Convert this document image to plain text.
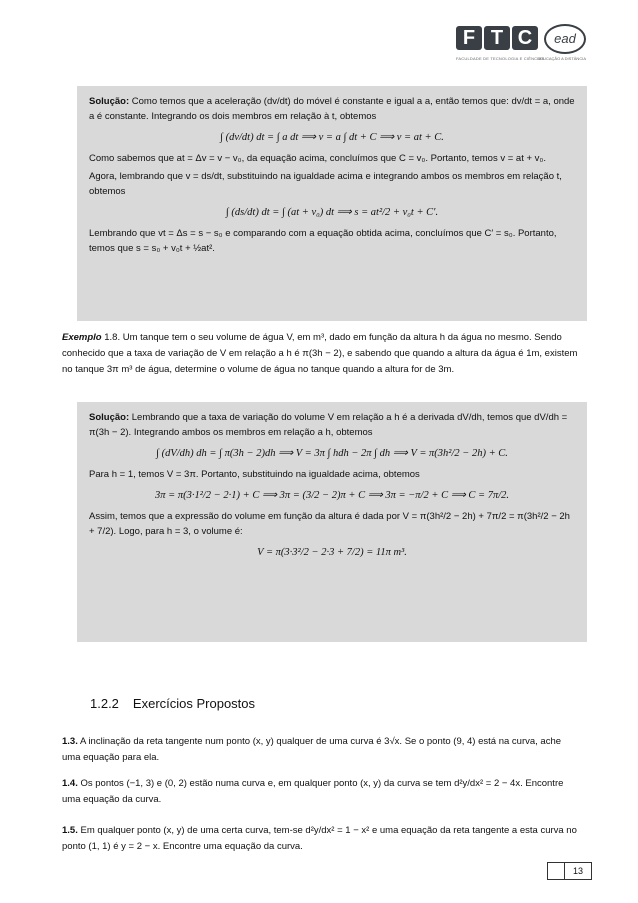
F T C	ead
FACULDADE DE TECNOLOGIA E CIÊNCIAS
EDUCAÇÃO A DISTÂNCIA

Solução: Como temos que a aceleração (dv/dt) do móvel é constante e igual a a, então temos que: dv/dt = a, onde a é constante. Integrando os dois membros em relação à t, obtemos

∫ (dv/dt) dt = ∫ a dt ⟹ v = a ∫ dt + C ⟹ v = at + C.

Como sabemos que at = Δv = v − v₀, da equação acima, concluímos que C = v₀. Portanto, temos v = at + v₀.

Agora, lembrando que v = ds/dt, substituindo na igualdade acima e integrando ambos os membros em relação t, obtemos

∫ (ds/dt) dt = ∫ (at + v₀) dt ⟹ s = at²/2 + v₀t + C′.

Lembrando que vt = Δs = s − s₀ e comparando com a equação obtida acima, concluímos que C′ = s₀. Portanto, temos que s = s₀ + v₀t + ½at².

Exemplo 1.8. Um tanque tem o seu volume de água V, em m³, dado em função da altura h da água no mesmo. Sendo conhecido que a taxa de variação de V em relação a h é π(3h − 2), e sabendo que quando a altura da água é 1m, existem no tanque 3π m³ de água, determine o volume de água no tanque quando a altura for de 3m.

Solução: Lembrando que a taxa de variação do volume V em relação a h é a derivada dV/dh, temos que dV/dh = π(3h − 2). Integrando ambos os membros em relação a h, obtemos

∫ (dV/dh) dh = ∫ π(3h − 2)dh ⟹ V = 3π ∫ hdh − 2π ∫ dh ⟹ V = π(3h²/2 − 2h) + C.

Para h = 1, temos V = 3π. Portanto, substituindo na igualdade acima, obtemos

3π = π(3·1²/2 − 2·1) + C ⟹ 3π = (3/2 − 2)π + C ⟹ 3π = −π/2 + C ⟹ C = 7π/2.

Assim, temos que a expressão do volume em função da altura é dada por V = π(3h²/2 − 2h) + 7π/2 = π(3h²/2 − 2h + 7/2). Logo, para h = 3, o volume é:

V = π(3·3²/2 − 2·3 + 7/2) = 11π m³.
1.2.2 Exercícios Propostos
1.3. A inclinação da reta tangente num ponto (x, y) qualquer de uma curva é 3√x. Se o ponto (9, 4) está na curva, ache uma equação para ela.
1.4. Os pontos (−1, 3) e (0, 2) estão numa curva e, em qualquer ponto (x, y) da curva se tem d²y/dx² = 2 − 4x. Encontre uma equação da curva.
1.5. Em qualquer ponto (x, y) de uma certa curva, tem-se d²y/dx² = 1 − x² e uma equação da reta tangente a esta curva no ponto (1, 1) é y = 2 − x. Encontre uma equação da curva.
13
